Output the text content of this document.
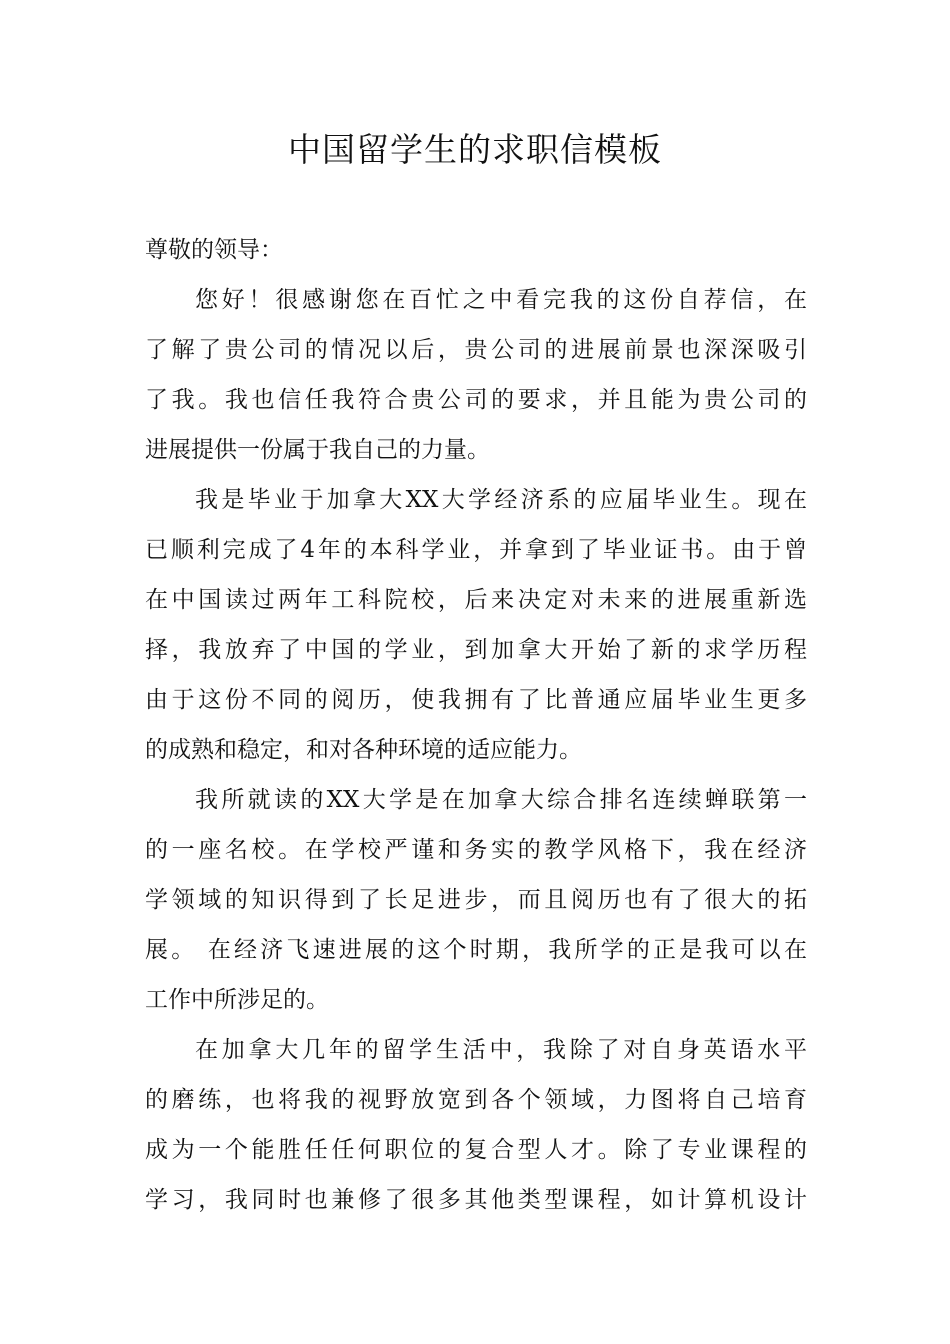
中国留学生的求职信模板

尊敬的领导：

您好！很感谢您在百忙之中看完我的这份自荐信，在
了解了贵公司的情况以后，贵公司的进展前景也深深吸引
了我。我也信任我符合贵公司的要求，并且能为贵公司的
进展提供一份属于我自己的力量。
我是毕业于加拿大XX大学经济系的应届毕业生。现在
已顺利完成了4年的本科学业，并拿到了毕业证书。由于曾
在中国读过两年工科院校，后来决定对未来的进展重新选
择，我放弃了中国的学业，到加拿大开始了新的求学历程
由于这份不同的阅历，使我拥有了比普通应届毕业生更多
的成熟和稳定，和对各种环境的适应能力。
我所就读的XX大学是在加拿大综合排名连续蝉联第一
的一座名校。在学校严谨和务实的教学风格下，我在经济
学领域的知识得到了长足进步，而且阅历也有了很大的拓
展。 在经济飞速进展的这个时期，我所学的正是我可以在
工作中所涉足的。
在加拿大几年的留学生活中，我除了对自身英语水平
的磨练，也将我的视野放宽到各个领域，力图将自己培育
成为一个能胜任任何职位的复合型人才。除了专业课程的
学习，我同时也兼修了很多其他类型课程，如计算机设计
